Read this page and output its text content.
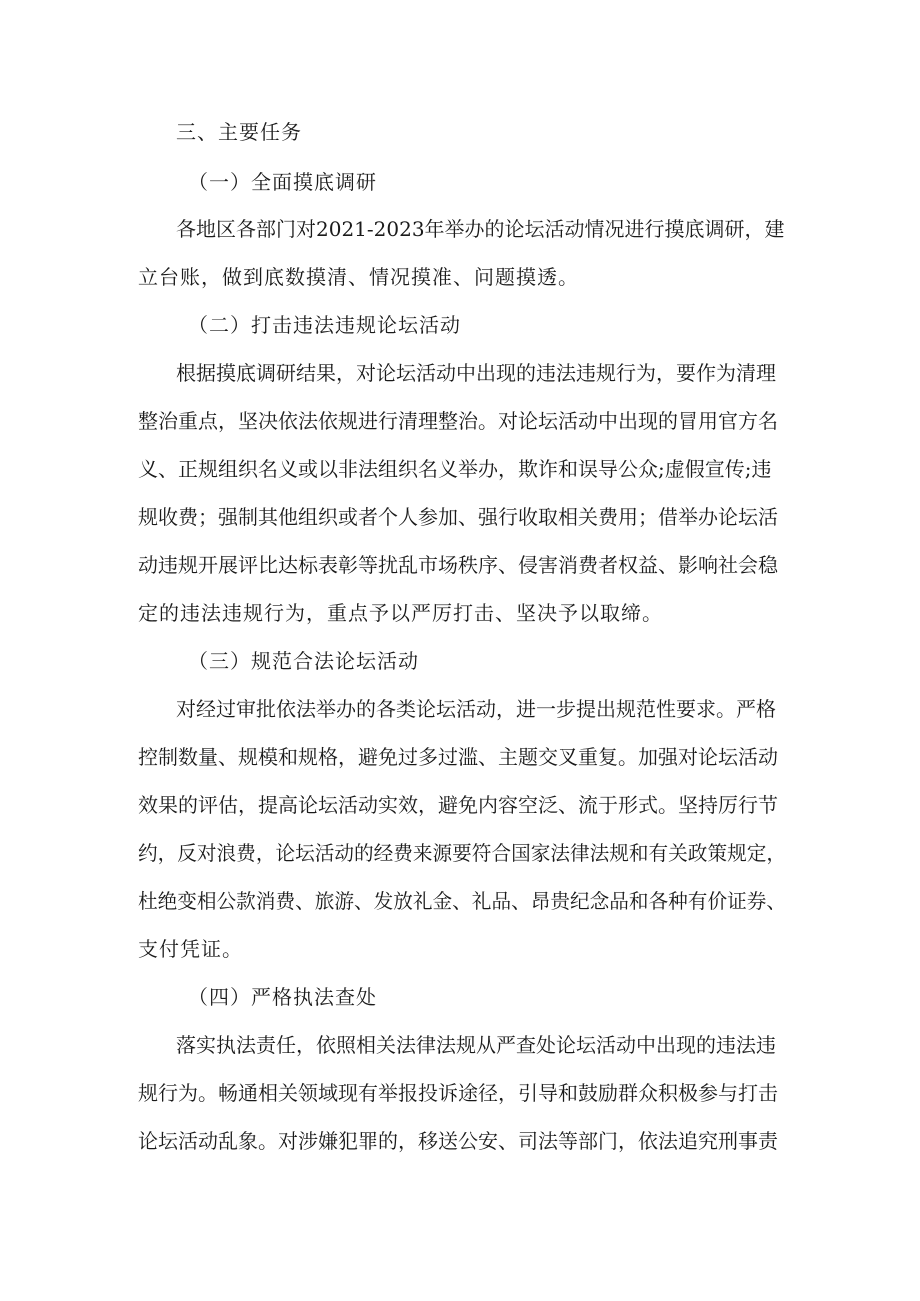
三、主要任务
（一）全面摸底调研
各地区各部门对2021-2023年举办的论坛活动情况进行摸底调研，建
立台账，做到底数摸清、情况摸准、问题摸透。
（二）打击违法违规论坛活动
根据摸底调研结果，对论坛活动中出现的违法违规行为，要作为清理
整治重点，坚决依法依规进行清理整治。对论坛活动中出现的冒用官方名
义、正规组织名义或以非法组织名义举办，欺诈和误导公众;虚假宣传;违
规收费；强制其他组织或者个人参加、强行收取相关费用；借举办论坛活
动违规开展评比达标表彰等扰乱市场秩序、侵害消费者权益、影响社会稳
定的违法违规行为，重点予以严厉打击、坚决予以取缔。
（三）规范合法论坛活动
对经过审批依法举办的各类论坛活动，进一步提出规范性要求。严格
控制数量、规模和规格，避免过多过滥、主题交叉重复。加强对论坛活动
效果的评估，提高论坛活动实效，避免内容空泛、流于形式。坚持厉行节
约，反对浪费，论坛活动的经费来源要符合国家法律法规和有关政策规定，
杜绝变相公款消费、旅游、发放礼金、礼品、昂贵纪念品和各种有价证券、
支付凭证。
（四）严格执法查处
落实执法责任，依照相关法律法规从严查处论坛活动中出现的违法违
规行为。畅通相关领域现有举报投诉途径，引导和鼓励群众积极参与打击
论坛活动乱象。对涉嫌犯罪的，移送公安、司法等部门，依法追究刑事责
